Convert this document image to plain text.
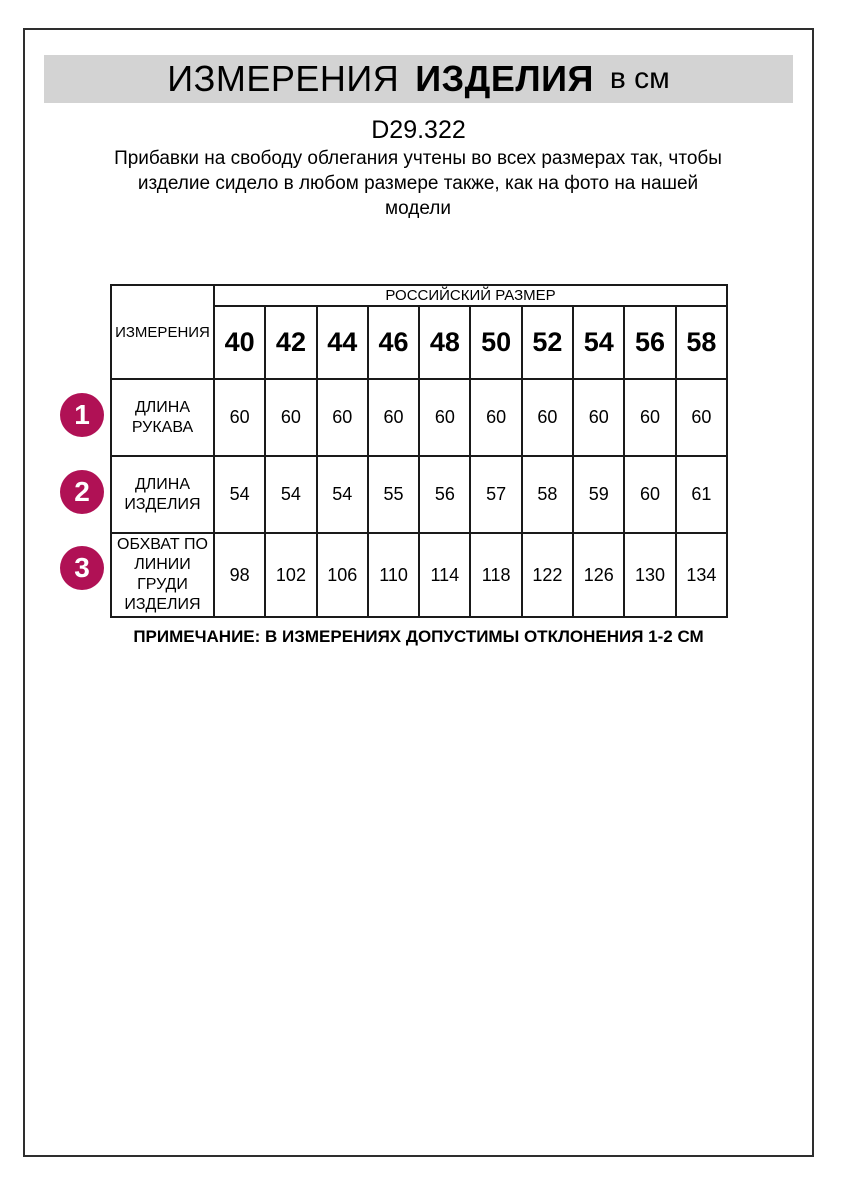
ИЗМЕРЕНИЯ ИЗДЕЛИЯ в см
D29.322
Прибавки на свободу облегания учтены во всех размерах так, чтобы изделие сидело в любом размере также, как на фото на нашей модели
ИЗМЕРЕНИЯ	РОССИЙСКИЙ РАЗМЕР									
	40	42	44	46	48	50	52	54	56	58
ДЛИНА РУКАВА	60	60	60	60	60	60	60	60	60	60
ДЛИНА ИЗДЕЛИЯ	54	54	54	55	56	57	58	59	60	61
ОБХВАТ ПО ЛИНИИ ГРУДИ ИЗДЕЛИЯ	98	102	106	110	114	118	122	126	130	134
1
2
3
ПРИМЕЧАНИЕ: В ИЗМЕРЕНИЯХ ДОПУСТИМЫ ОТКЛОНЕНИЯ 1-2 СМ
